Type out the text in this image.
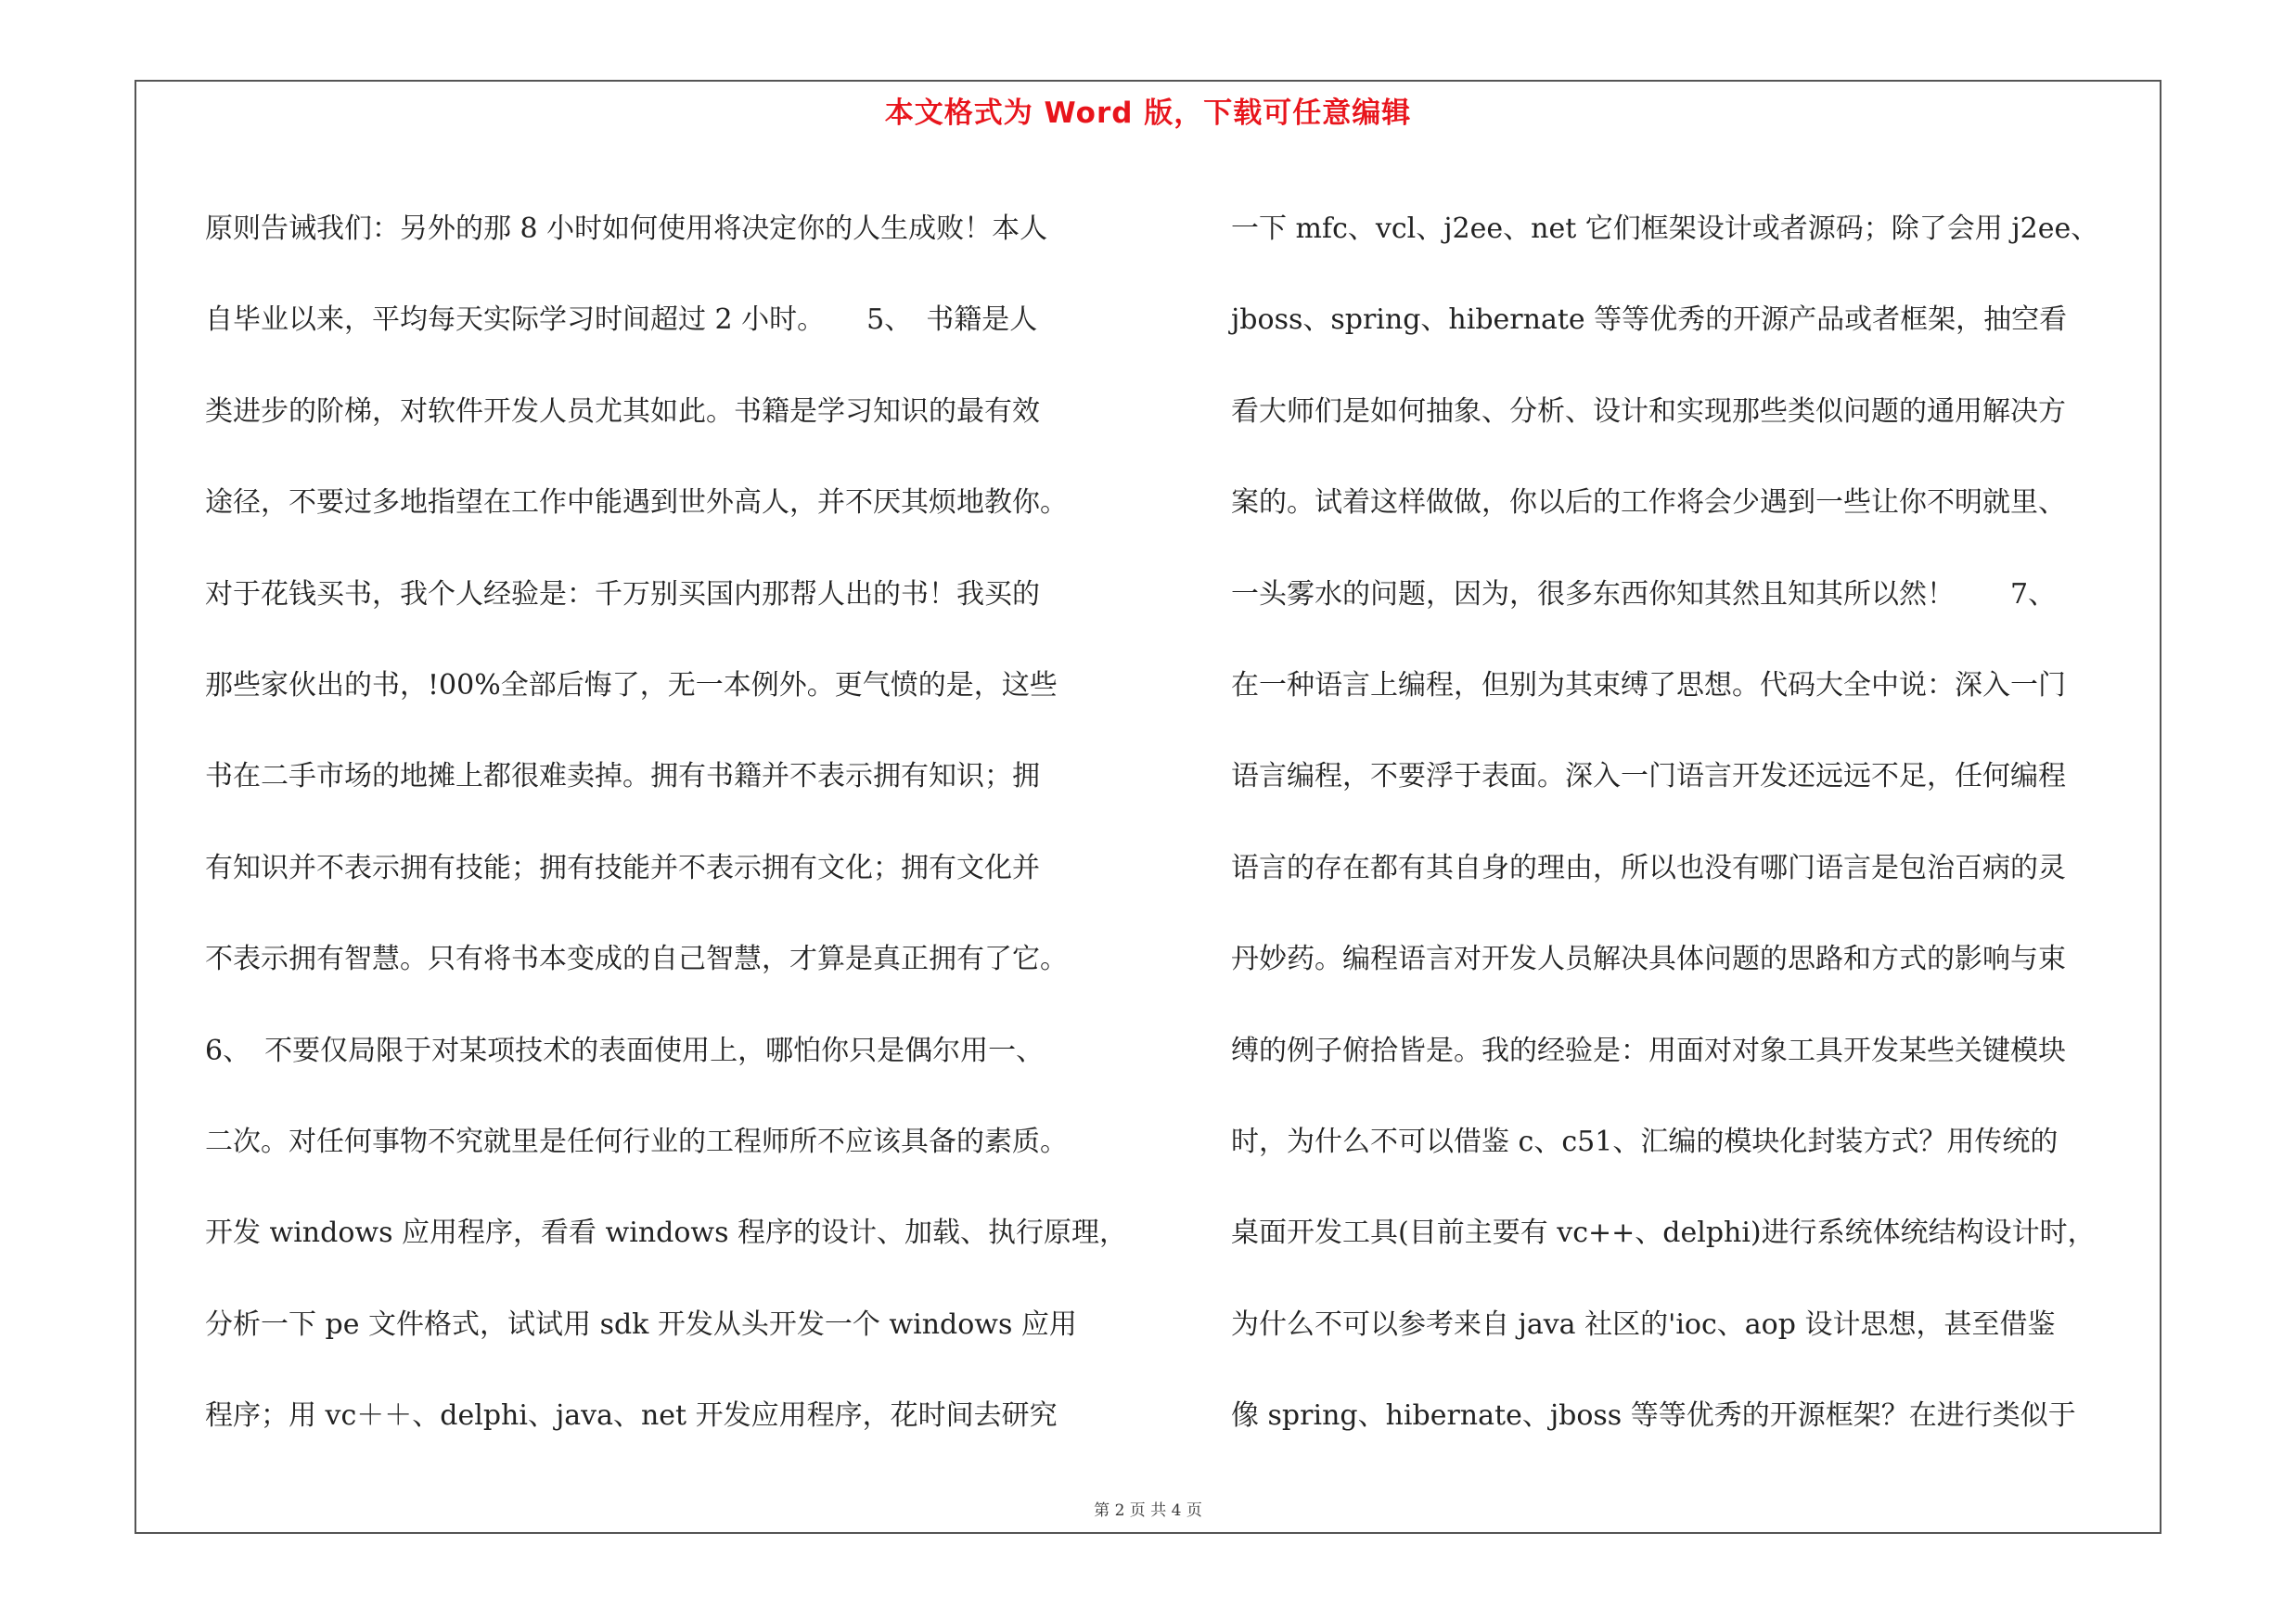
本文格式为 Word 版，下载可任意编辑
原则告诫我们：另外的那 8 小时如何使用将决定你的人生成败！本人
自毕业以来，平均每天实际学习时间超过 2 小时。　　5、　书籍是人
类进步的阶梯，对软件开发人员尤其如此。书籍是学习知识的最有效
途径，不要过多地指望在工作中能遇到世外高人，并不厌其烦地教你。
对于花钱买书，我个人经验是：千万别买国内那帮人出的书！我买的
那些家伙出的书，!00%全部后悔了，无一本例外。更气愤的是，这些
书在二手市场的地摊上都很难卖掉。拥有书籍并不表示拥有知识；拥
有知识并不表示拥有技能；拥有技能并不表示拥有文化；拥有文化并
不表示拥有智慧。只有将书本变成的自己智慧，才算是真正拥有了它。
6、　不要仅局限于对某项技术的表面使用上，哪怕你只是偶尔用一、
二次。对任何事物不究就里是任何行业的工程师所不应该具备的素质。
开发 windows 应用程序，看看 windows 程序的设计、加载、执行原理，
分析一下 pe 文件格式，试试用 sdk 开发从头开发一个 windows 应用
程序；用 vc＋＋、delphi、java、net 开发应用程序，花时间去研究
一下 mfc、vcl、j2ee、net 它们框架设计或者源码；除了会用 j2ee、
jboss、spring、hibernate 等等优秀的开源产品或者框架，抽空看
看大师们是如何抽象、分析、设计和实现那些类似问题的通用解决方
案的。试着这样做做，你以后的工作将会少遇到一些让你不明就里、
一头雾水的问题，因为，很多东西你知其然且知其所以然！　　7、
在一种语言上编程，但别为其束缚了思想。代码大全中说：深入一门
语言编程，不要浮于表面。深入一门语言开发还远远不足，任何编程
语言的存在都有其自身的理由，所以也没有哪门语言是包治百病的灵
丹妙药。编程语言对开发人员解决具体问题的思路和方式的影响与束
缚的例子俯拾皆是。我的经验是：用面对对象工具开发某些关键模块
时，为什么不可以借鉴 c、c51、汇编的模块化封装方式？用传统的
桌面开发工具(目前主要有 vc++、delphi)进行系统体统结构设计时，
为什么不可以参考来自 java 社区的'ioc、aop 设计思想，甚至借鉴
像 spring、hibernate、jboss 等等优秀的开源框架？在进行类似于
第 2 页 共 4 页
